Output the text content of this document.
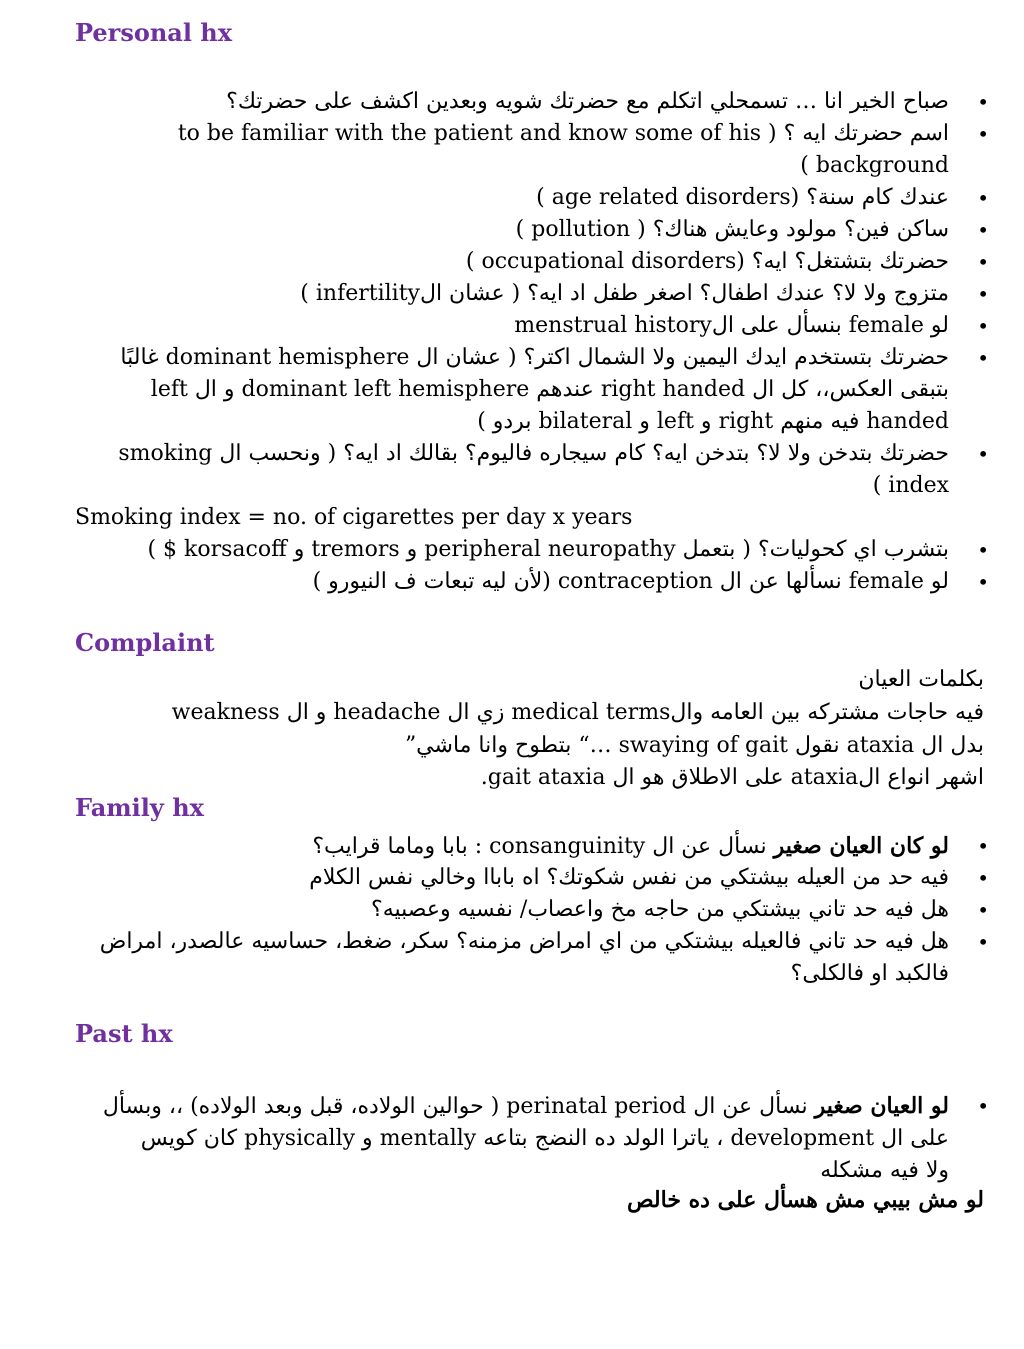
Personal hx
• صباح الخير انا … تسمحلي اتكلم مع حضرتك شويه وبعدين اكشف على حضرتك؟
• اسم حضرتك ايه ؟ ( to be familiar with the patient and know some of his
background )
• عندك كام سنة؟ (age related disorders )
• ساكن فين؟ مولود وعايش هناك؟ ( pollution )
• حضرتك بتشتغل؟ ايه؟ (occupational disorders )
• متزوج ولا لا؟ عندك اطفال؟ اصغر طفل اد ايه؟ ( عشان الinfertility )
• لو female بنسأل على الmenstrual history
• حضرتك بتستخدم ايدك اليمين ولا الشمال اكتر؟ ( عشان ال dominant hemisphere غالبًا
بتبقى العكس،، كل ال right handed عندهم dominant left hemisphere و ال left
handed فيه منهم right و left و bilateral بردو )
• حضرتك بتدخن ولا لا؟ بتدخن ايه؟ كام سيجاره فاليوم؟ بقالك اد ايه؟ ( ونحسب ال smoking
index )
Smoking index = no. of cigarettes per day x years
• بتشرب اي كحوليات؟ ( بتعمل peripheral neuropathy و tremors و korsacoff $ )
• لو female نسألها عن ال contraception (لأن ليه تبعات ف النيورو )
Complaint
بكلمات العيان
فيه حاجات مشتركه بين العامه والmedical terms زي ال headache و ال weakness
بدل ال ataxia نقول swaying of gait …“ بتطوح وانا ماشي”
اشهر انواع الataxia على الاطلاق هو ال gait ataxia.
Family hx
• لو كان العيان صغير نسأل عن ال consanguinity : بابا وماما قرايب؟
• فيه حد من العيله بيشتكي من نفس شكوتك؟ اه باباا وخالي نفس الكلام
• هل فيه حد تاني بيشتكي من حاجه مخ واعصاب/ نفسيه وعصبيه؟
• هل فيه حد تاني فالعيله بيشتكي من اي امراض مزمنه؟ سكر، ضغط، حساسيه عالصدر، امراض
فالكبد او فالكلى؟
Past hx
• لو العيان صغير نسأل عن ال perinatal period ( حوالين الولاده، قبل وبعد الولاده) ،، وبسأل
على ال development ، ياترا الولد ده النضج بتاعه mentally و physically كان كويس
ولا فيه مشكله
لو مش بيبي مش هسأل على ده خالص
